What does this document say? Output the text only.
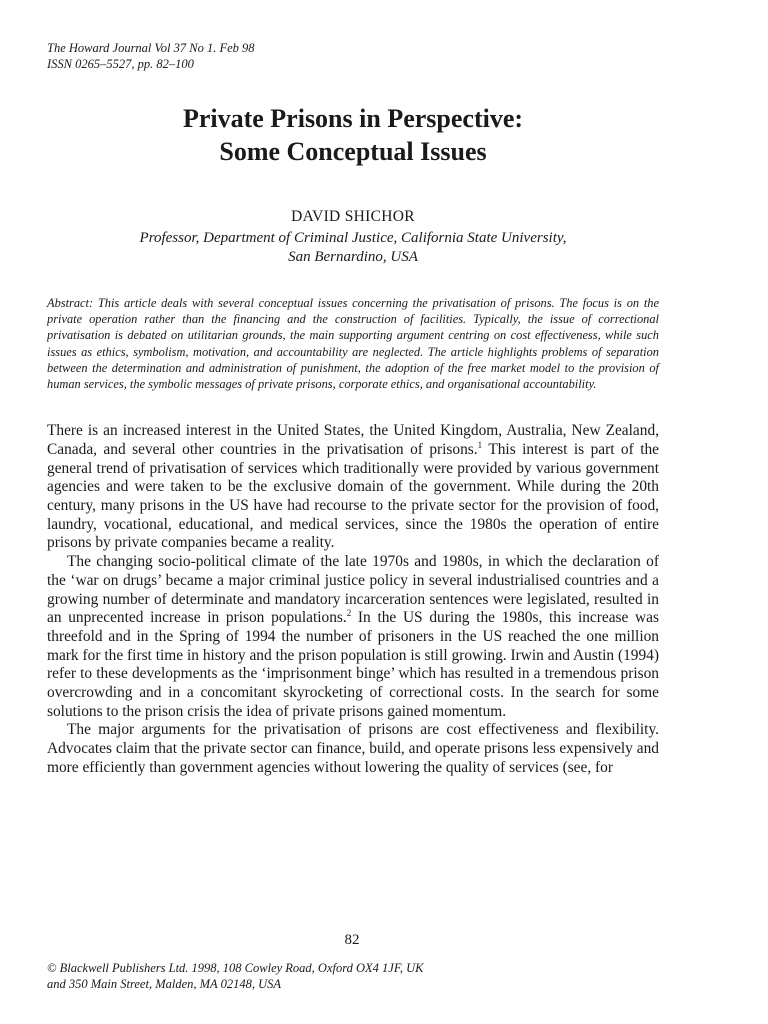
The Howard Journal Vol 37 No 1. Feb 98
ISSN 0265–5527, pp. 82–100
Private Prisons in Perspective:
Some Conceptual Issues
DAVID SHICHOR
Professor, Department of Criminal Justice, California State University,
San Bernardino, USA
Abstract: This article deals with several conceptual issues concerning the privatisation of prisons. The focus is on the private operation rather than the financing and the construction of facilities. Typically, the issue of correctional privatisation is debated on utilitarian grounds, the main supporting argument centring on cost effectiveness, while such issues as ethics, symbolism, motivation, and accountability are neglected. The article highlights problems of separation between the determination and administration of punishment, the adoption of the free market model to the provision of human services, the symbolic messages of private prisons, corporate ethics, and organisational accountability.

There is an increased interest in the United States, the United Kingdom, Australia, New Zealand, Canada, and several other countries in the privatisation of prisons.$^1$ This interest is part of the general trend of privatisation of services which traditionally were provided by various government agencies and were taken to be the exclusive domain of the government. While during the 20th century, many prisons in the US have had recourse to the private sector for the provision of food, laundry, vocational, educational, and medical services, since the 1980s the operation of entire prisons by private companies became a reality.

The changing socio-political climate of the late 1970s and 1980s, in which the declaration of the ‘war on drugs’ became a major criminal justice policy in several industrialised countries and a growing number of determinate and mandatory incarceration sentences were legislated, resulted in an unprecented increase in prison populations.$^2$ In the US during the 1980s, this increase was threefold and in the Spring of 1994 the number of prisoners in the US reached the one million mark for the first time in history and the prison population is still growing. Irwin and Austin (1994) refer to these developments as the ‘imprisonment binge’ which has resulted in a tremendous prison overcrowding and in a concomitant skyrocketing of correctional costs. In the search for some solutions to the prison crisis the idea of private prisons gained momentum.

The major arguments for the privatisation of prisons are cost effectiveness and flexibility. Advocates claim that the private sector can finance, build, and operate prisons less expensively and more efficiently than government agencies without lowering the quality of services (see, for

82
© Blackwell Publishers Ltd. 1998, 108 Cowley Road, Oxford OX4 1JF, UK
and 350 Main Street, Malden, MA 02148, USA
